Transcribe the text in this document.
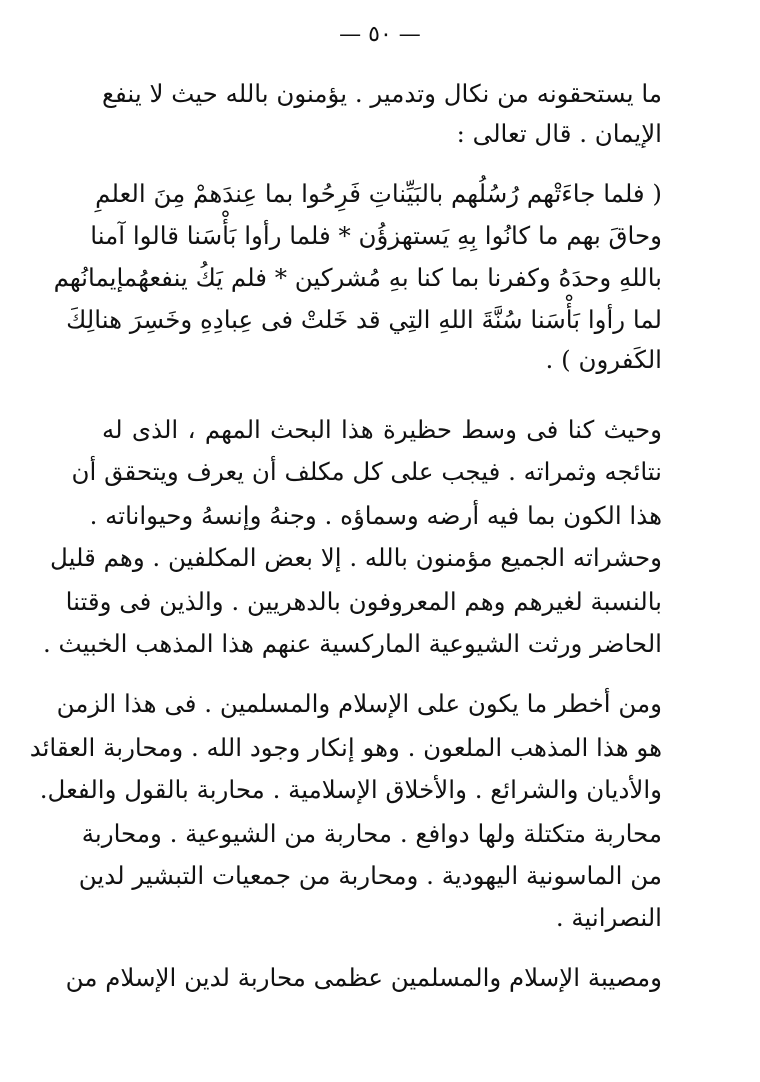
— ٥٠ —
ما يستحقونه من نكال وتدمير . يؤمنون بالله حيث لا ينفع
الإيمان . قال تعالى :
( فلما جاءَتْهم رُسُلُهم بالبَيِّناتِ فَرِحُوا بما عِندَهمْ مِنَ العلمِ
وحاقَ بهم ما كانُوا بِهِ يَستهزؤُن * فلما رأوا بَأْسَنا قالوا آمنا
باللهِ وحدَهُ وكفرنا بما كنا بهِ مُشركين * فلم يَكُ ينفعهُمإيمانُهم
لما رأوا بَأْسَنا سُنَّةَ اللهِ التِي قد خَلتْ فى عِبادِهِ وخَسِرَ هنالِكَ
الكَفرون ) .
وحيث كنا فى وسط حظيرة هذا البحث المهم ، الذى له
نتائجه وثمراته . فيجب على كل مكلف أن يعرف ويتحقق أن
هذا الكون بما فيه أرضه وسماؤه . وجنهُ وإنسهُ وحيواناته .
وحشراته الجميع مؤمنون بالله . إلا بعض المكلفين . وهم قليل
بالنسبة لغيرهم وهم المعروفون بالدهريين . والذين فى وقتنا
الحاضر ورثت الشيوعية الماركسية عنهم هذا المذهب الخبيث .
ومن أخطر ما يكون على الإسلام والمسلمين . فى هذا الزمن
هو هذا المذهب الملعون . وهو إنكار وجود الله . ومحاربة العقائد
والأديان والشرائع . والأخلاق الإسلامية . محاربة بالقول والفعل.
محاربة متكتلة ولها دوافع . محاربة من الشيوعية . ومحاربة
من الماسونية اليهودية . ومحاربة من جمعيات التبشير لدين
النصرانية .
ومصيبة الإسلام والمسلمين عظمى محاربة لدين الإسلام من
